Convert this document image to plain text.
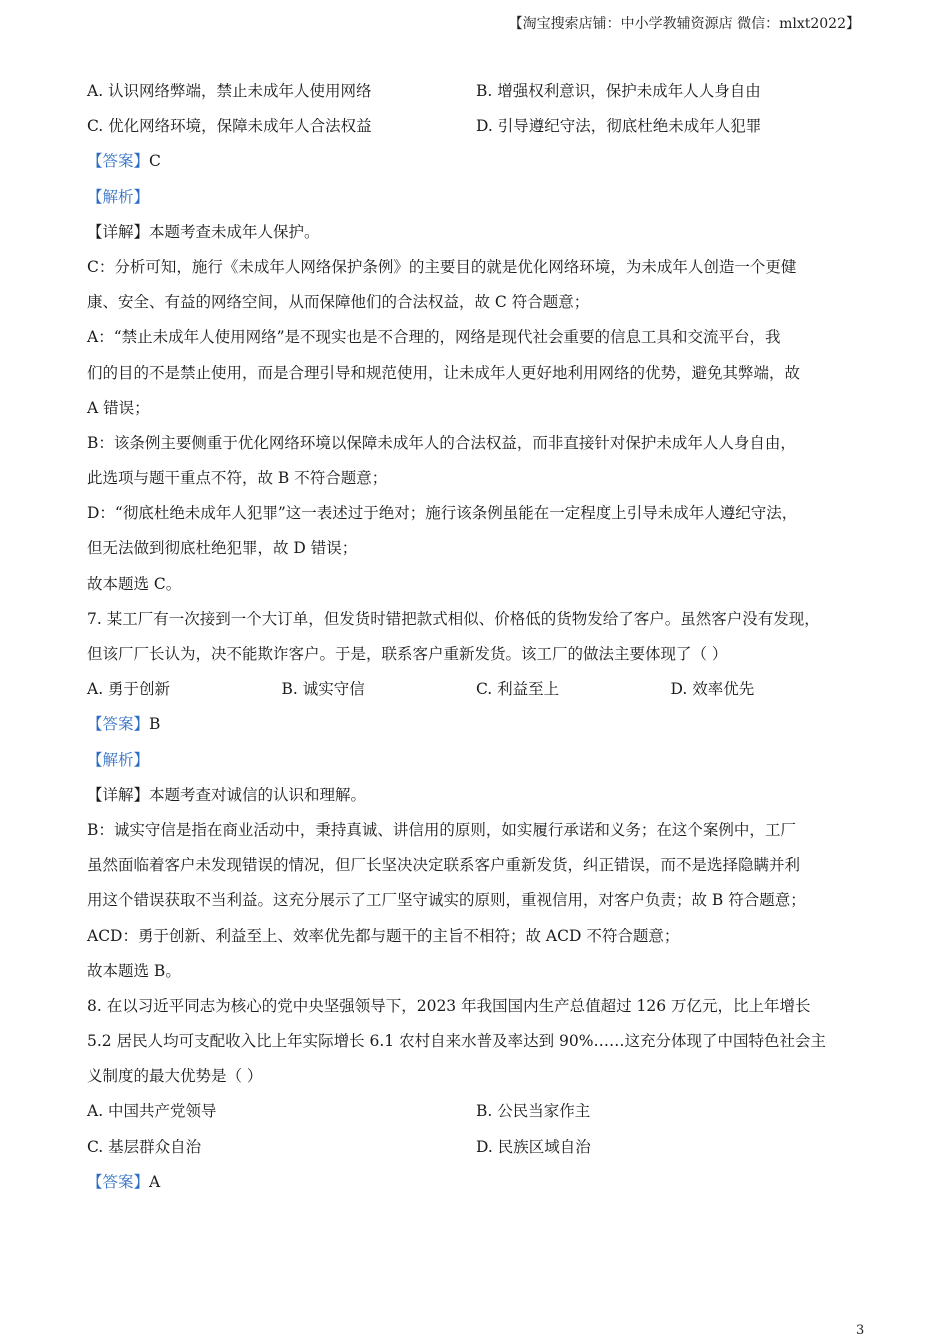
【淘宝搜索店铺：中小学教辅资源店 微信：mlxt2022】
A. 认识网络弊端，禁止未成年人使用网络	B. 增强权利意识，保护未成年人人身自由
C. 优化网络环境，保障未成年人合法权益	D. 引导遵纪守法，彻底杜绝未成年人犯罪
【答案】C
【解析】
【详解】本题考查未成年人保护。
C：分析可知，施行《未成年人网络保护条例》的主要目的就是优化网络环境，为未成年人创造一个更健
康、安全、有益的网络空间，从而保障他们的合法权益，故 C 符合题意；
A：“禁止未成年人使用网络”是不现实也是不合理的，网络是现代社会重要的信息工具和交流平台，我
们的目的不是禁止使用，而是合理引导和规范使用，让未成年人更好地利用网络的优势，避免其弊端，故
A 错误；
B：该条例主要侧重于优化网络环境以保障未成年人的合法权益，而非直接针对保护未成年人人身自由，
此选项与题干重点不符，故 B 不符合题意；
D：“彻底杜绝未成年人犯罪”这一表述过于绝对；施行该条例虽能在一定程度上引导未成年人遵纪守法，
但无法做到彻底杜绝犯罪，故 D 错误；
故本题选 C。
7. 某工厂有一次接到一个大订单，但发货时错把款式相似、价格低的货物发给了客户。虽然客户没有发现，
但该厂厂长认为，决不能欺诈客户。于是，联系客户重新发货。该工厂的做法主要体现了（ ）
A. 勇于创新	B. 诚实守信	C. 利益至上	D. 效率优先
【答案】B
【解析】
【详解】本题考查对诚信的认识和理解。
B：诚实守信是指在商业活动中，秉持真诚、讲信用的原则，如实履行承诺和义务；在这个案例中，工厂
虽然面临着客户未发现错误的情况，但厂长坚决决定联系客户重新发货，纠正错误，而不是选择隐瞒并利
用这个错误获取不当利益。这充分展示了工厂坚守诚实的原则，重视信用，对客户负责；故 B 符合题意；
ACD：勇于创新、利益至上、效率优先都与题干的主旨不相符；故 ACD 不符合题意；
故本题选 B。
8. 在以习近平同志为核心的党中央坚强领导下，2023 年我国国内生产总值超过 126 万亿元，比上年增长
5.2 居民人均可支配收入比上年实际增长 6.1 农村自来水普及率达到 90%……这充分体现了中国特色社会主
义制度的最大优势是（ ）
A. 中国共产党领导	B. 公民当家作主
C. 基层群众自治	D. 民族区域自治
【答案】A
3
